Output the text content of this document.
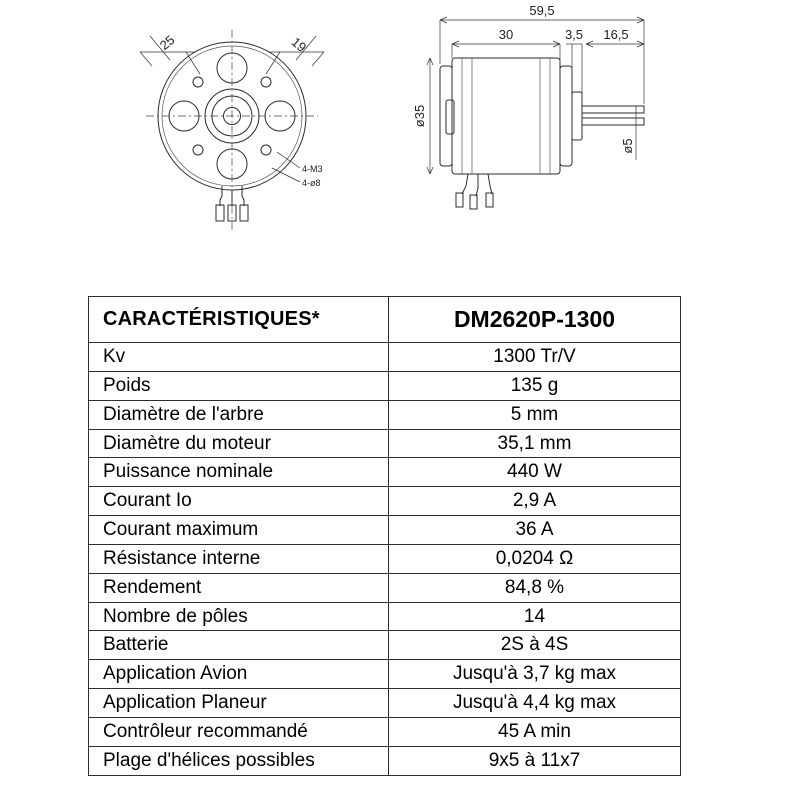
25	19
4-M3
4-ø8
ø35
ø5
59,5
30	3,5 16,5
CARACTÉRISTIQUES*	DM2620P-1300
Kv	1300 Tr/V
Poids	135 g
Diamètre de l'arbre	5 mm
Diamètre du moteur	35,1 mm
Puissance nominale	440 W
Courant Io	2,9 A
Courant maximum	36 A
Résistance interne	0,0204 Ω
Rendement	84,8 %
Nombre de pôles	14
Batterie	2S à 4S
Application Avion	Jusqu'à 3,7 kg max
Application Planeur	Jusqu'à 4,4 kg max
Contrôleur recommandé	45 A min
Plage d'hélices possibles	9x5 à 11x7
